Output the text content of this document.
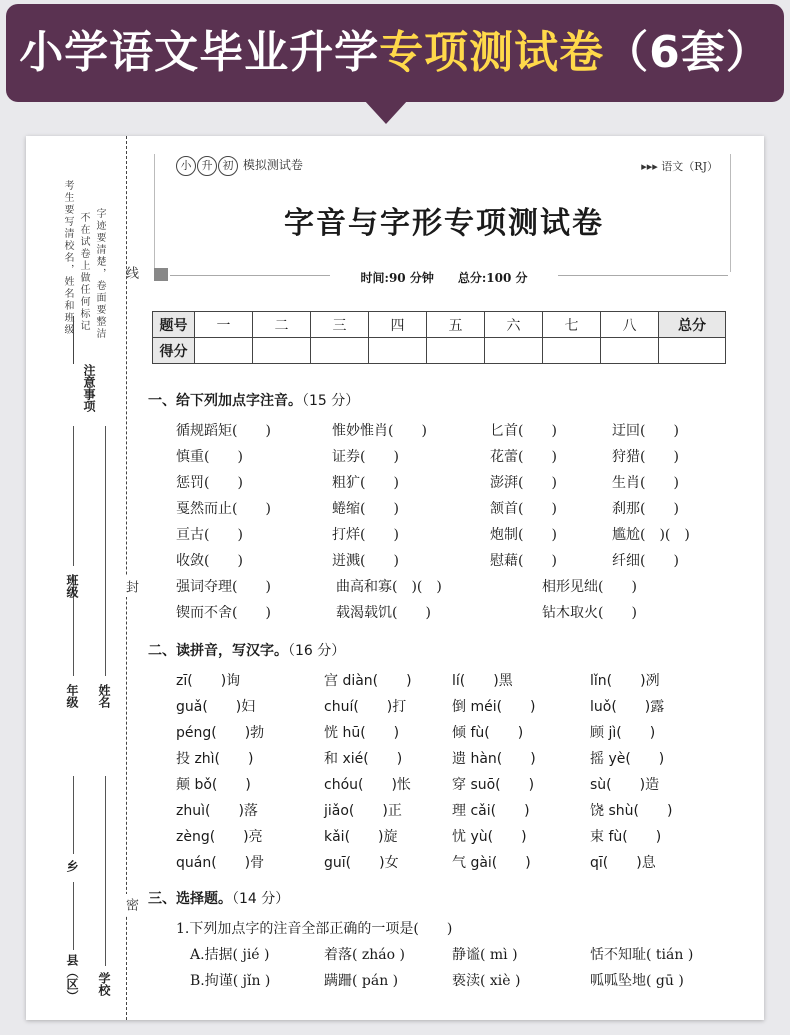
小学语文毕业升学专项测试卷（6套）
考生要写清校名，姓名和班级 不在试卷上做任何标记 字迹要清楚，卷面要整洁
注意事项
线
封
密
年级
班级
姓名
乡
县（区） 学校
小 升 初 模拟测试卷	▸▸▸ 语文（RJ）
字音与字形专项测试卷
时间:90 分钟　　总分:100 分
题号	一	二	三	四	五	六	七	八	总分
得分									
一、给下列加点字注音。（15 分）
循规蹈矩(　　)	惟妙惟肖(　　)	匕首(　　)	迂回(　　)
慎重(　　)	证券(　　)	花蕾(　　)	狩猎(　　)
惩罚(　　)	粗犷(　　)	澎湃(　　)	生肖(　　)
戛然而止(　　)	蜷缩(　　)	颔首(　　)	刹那(　　)
亘古(　　)	打烊(　　)	炮制(　　)	尴尬(　)(　)
收敛(　　)	迸溅(　　)	慰藉(　　)	纤细(　　)
强词夺理(　　)	曲高和寡(　)(　)	相形见绌(　　)
锲而不舍(　　)	载渴载饥(　　)	钻木取火(　　)
二、读拼音，写汉字。（16 分）
zī(　　)询	宫 diàn(　　)	lí(　　)黑	lǐn(　　)冽
guǎ(　　)妇	chuí(　　)打	倒 méi(　　)	luǒ(　　)露
péng(　　)勃	恍 hū(　　)	倾 fù(　　)	顾 jì(　　)
投 zhì(　　)	和 xié(　　)	遗 hàn(　　)	摇 yè(　　)
颠 bǒ(　　)	chóu(　　)怅	穿 suō(　　)	sù(　　)造
zhuì(　　)落	jiǎo(　　)正	理 cǎi(　　)	饶 shù(　　)
zèng(　　)亮	kǎi(　　)旋	忧 yù(　　)	束 fù(　　)
quán(　　)骨	guī(　　)女	气 gài(　　)	qī(　　)息
三、选择题。（14 分）
1.下列加点字的注音全部正确的一项是(　　)
A.拮据( jié )	着落( zháo )	静谧( mì )	恬不知耻( tián )
B.拘谨( jǐn )	蹒跚( pán )	亵渎( xiè )	呱呱坠地( gū )
